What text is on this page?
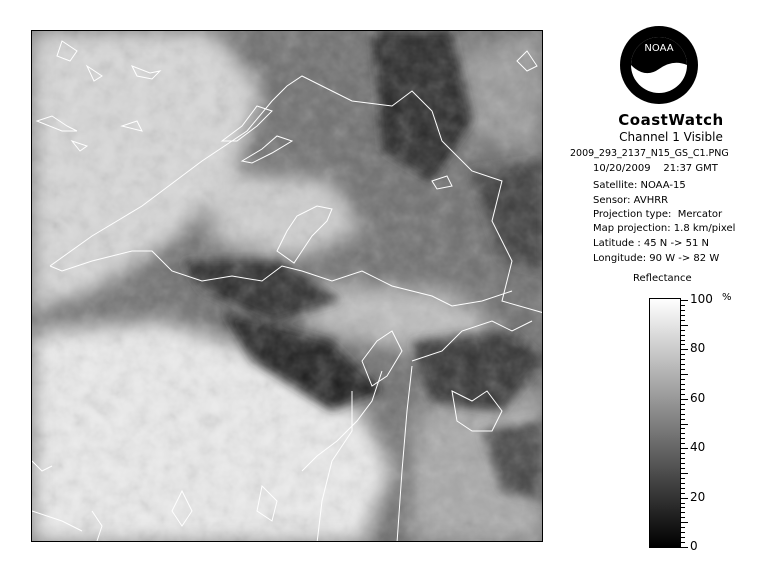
NOAA
CoastWatch
Channel 1 Visible
2009_293_2137_N15_GS_C1.PNG
10/20/2009    21:37 GMT
Satellite: NOAA-15
Sensor: AVHRR
Projection type:  Mercator
Map projection: 1.8 km/pixel
Latitude : 45 N -> 51 N
Longitude: 90 W -> 82 W
Reflectance
%
100
80
60
40
20
0
